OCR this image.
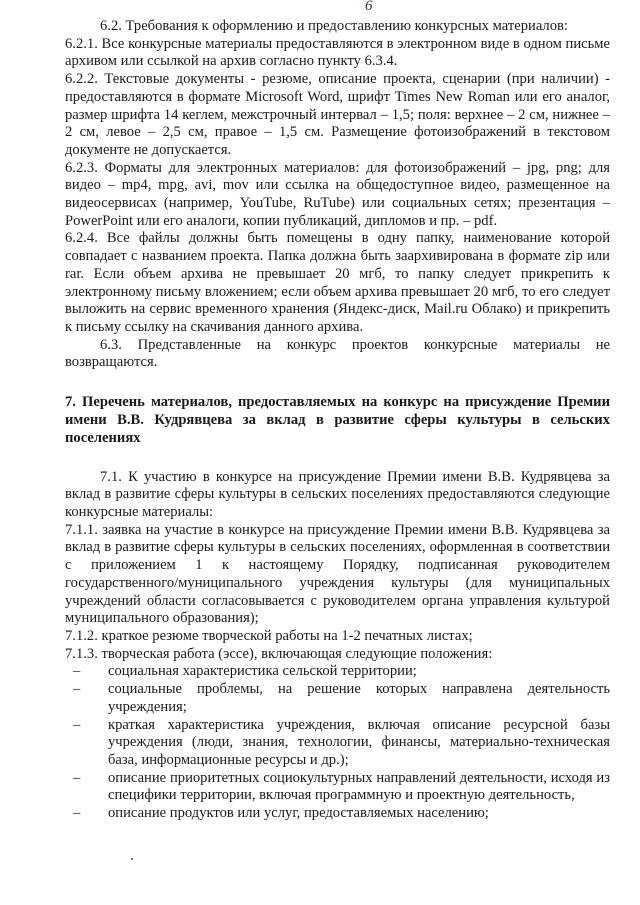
6

6.2. Требования к оформлению и предоставлению конкурсных материалов:

6.2.1. Все конкурсные материалы предоставляются в электронном виде в одном письме архивом или ссылкой на архив согласно пункту 6.3.4.

6.2.2. Текстовые документы - резюме, описание проекта, сценарии (при наличии) - предоставляются в формате Microsoft Word, шрифт Times New Roman или его аналог, размер шрифта 14 кеглем, межстрочный интервал – 1,5; поля: верхнее – 2 см, нижнее – 2 см, левое – 2,5 см, правое – 1,5 см. Размещение фотоизображений в текстовом документе не допускается.

6.2.3. Форматы для электронных материалов: для фотоизображений – jpg, png; для видео – mp4, mpg, avi, mov или ссылка на общедоступное видео, размещенное на видеосервисах (например, YouTube, RuTube) или социальных сетях; презентация – PowerPoint или его аналоги, копии публикаций, дипломов и пр. – pdf.

6.2.4. Все файлы должны быть помещены в одну папку, наименование которой совпадает с названием проекта. Папка должна быть заархивирована в формате zip или rar. Если объем архива не превышает 20 мгб, то папку следует прикрепить к электронному письму вложением; если объем архива превышает 20 мгб, то его следует выложить на сервис временного хранения (Яндекс-диск, Mail.ru Облако) и прикрепить к письму ссылку на скачивания данного архива.

6.3. Представленные на конкурс проектов конкурсные материалы не возвращаются.

7. Перечень материалов, предоставляемых на конкурс на присуждение Премии имени В.В. Кудрявцева за вклад в развитие сферы культуры в сельских поселениях

7.1. К участию в конкурсе на присуждение Премии имени В.В. Кудрявцева за вклад в развитие сферы культуры в сельских поселениях предоставляются следующие конкурсные материалы:

7.1.1. заявка на участие в конкурсе на присуждение Премии имени В.В. Кудрявцева за вклад в развитие сферы культуры в сельских поселениях, оформленная в соответствии с приложением 1 к настоящему Порядку, подписанная руководителем государственного/муниципального учреждения культуры (для муниципальных учреждений области согласовывается с руководителем органа управления культурой муниципального образования);

7.1.2. краткое резюме творческой работы на 1-2 печатных листах;

7.1.3. творческая работа (эссе), включающая следующие положения:

– социальная характеристика сельской территории;
– социальные проблемы, на решение которых направлена деятельность учреждения;
– краткая характеристика учреждения, включая описание ресурсной базы учреждения (люди, знания, технологии, финансы, материально-техническая база, информационные ресурсы и др.);
– описание приоритетных социокультурных направлений деятельности, исходя из специфики территории, включая программную и проектную деятельность,
– описание продуктов или услуг, предоставляемых населению;
